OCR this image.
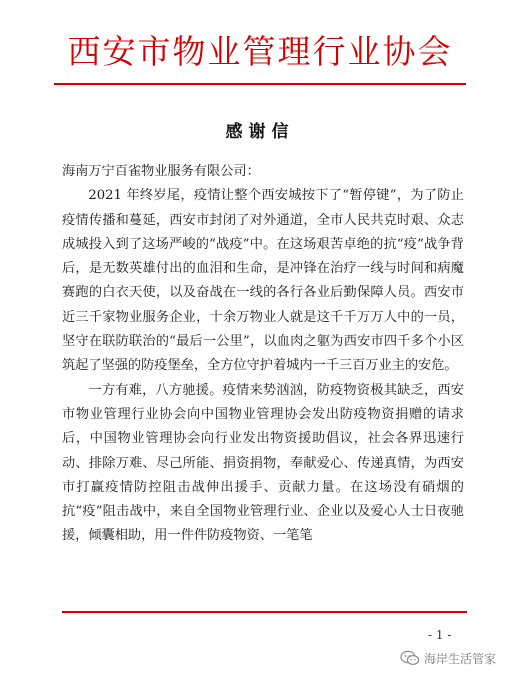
西安市物业管理行业协会
感谢信

海南万宁百雀物业服务有限公司：

2021 年终岁尾，疫情让整个西安城按下了“暂停键”，为了防止疫情传播和蔓延，西安市封闭了对外通道，全市人民共克时艰、众志成城投入到了这场严峻的“战疫”中。在这场艰苦卓绝的抗“疫”战争背后，是无数英雄付出的血泪和生命，是冲锋在治疗一线与时间和病魔赛跑的白衣天使，以及奋战在一线的各行各业后勤保障人员。西安市近三千家物业服务企业，十余万物业人就是这千千万万人中的一员，坚守在联防联治的“最后一公里”，以血肉之躯为西安市四千多个小区筑起了坚强的防疫堡垒，全方位守护着城内一千三百万业主的安危。

一方有难，八方驰援。疫情来势汹汹，防疫物资极其缺乏，西安市物业管理行业协会向中国物业管理协会发出防疫物资捐赠的请求后，中国物业管理协会向行业发出物资援助倡议，社会各界迅速行动、排除万难、尽己所能、捐资捐物，奉献爱心、传递真情，为西安市打赢疫情防控阻击战伸出援手、贡献力量。在这场没有硝烟的抗“疫”阻击战中，来自全国物业管理行业、企业以及爱心人士日夜驰援，倾囊相助，用一件件防疫物资、一笔笔

- 1 -
海岸生活管家
